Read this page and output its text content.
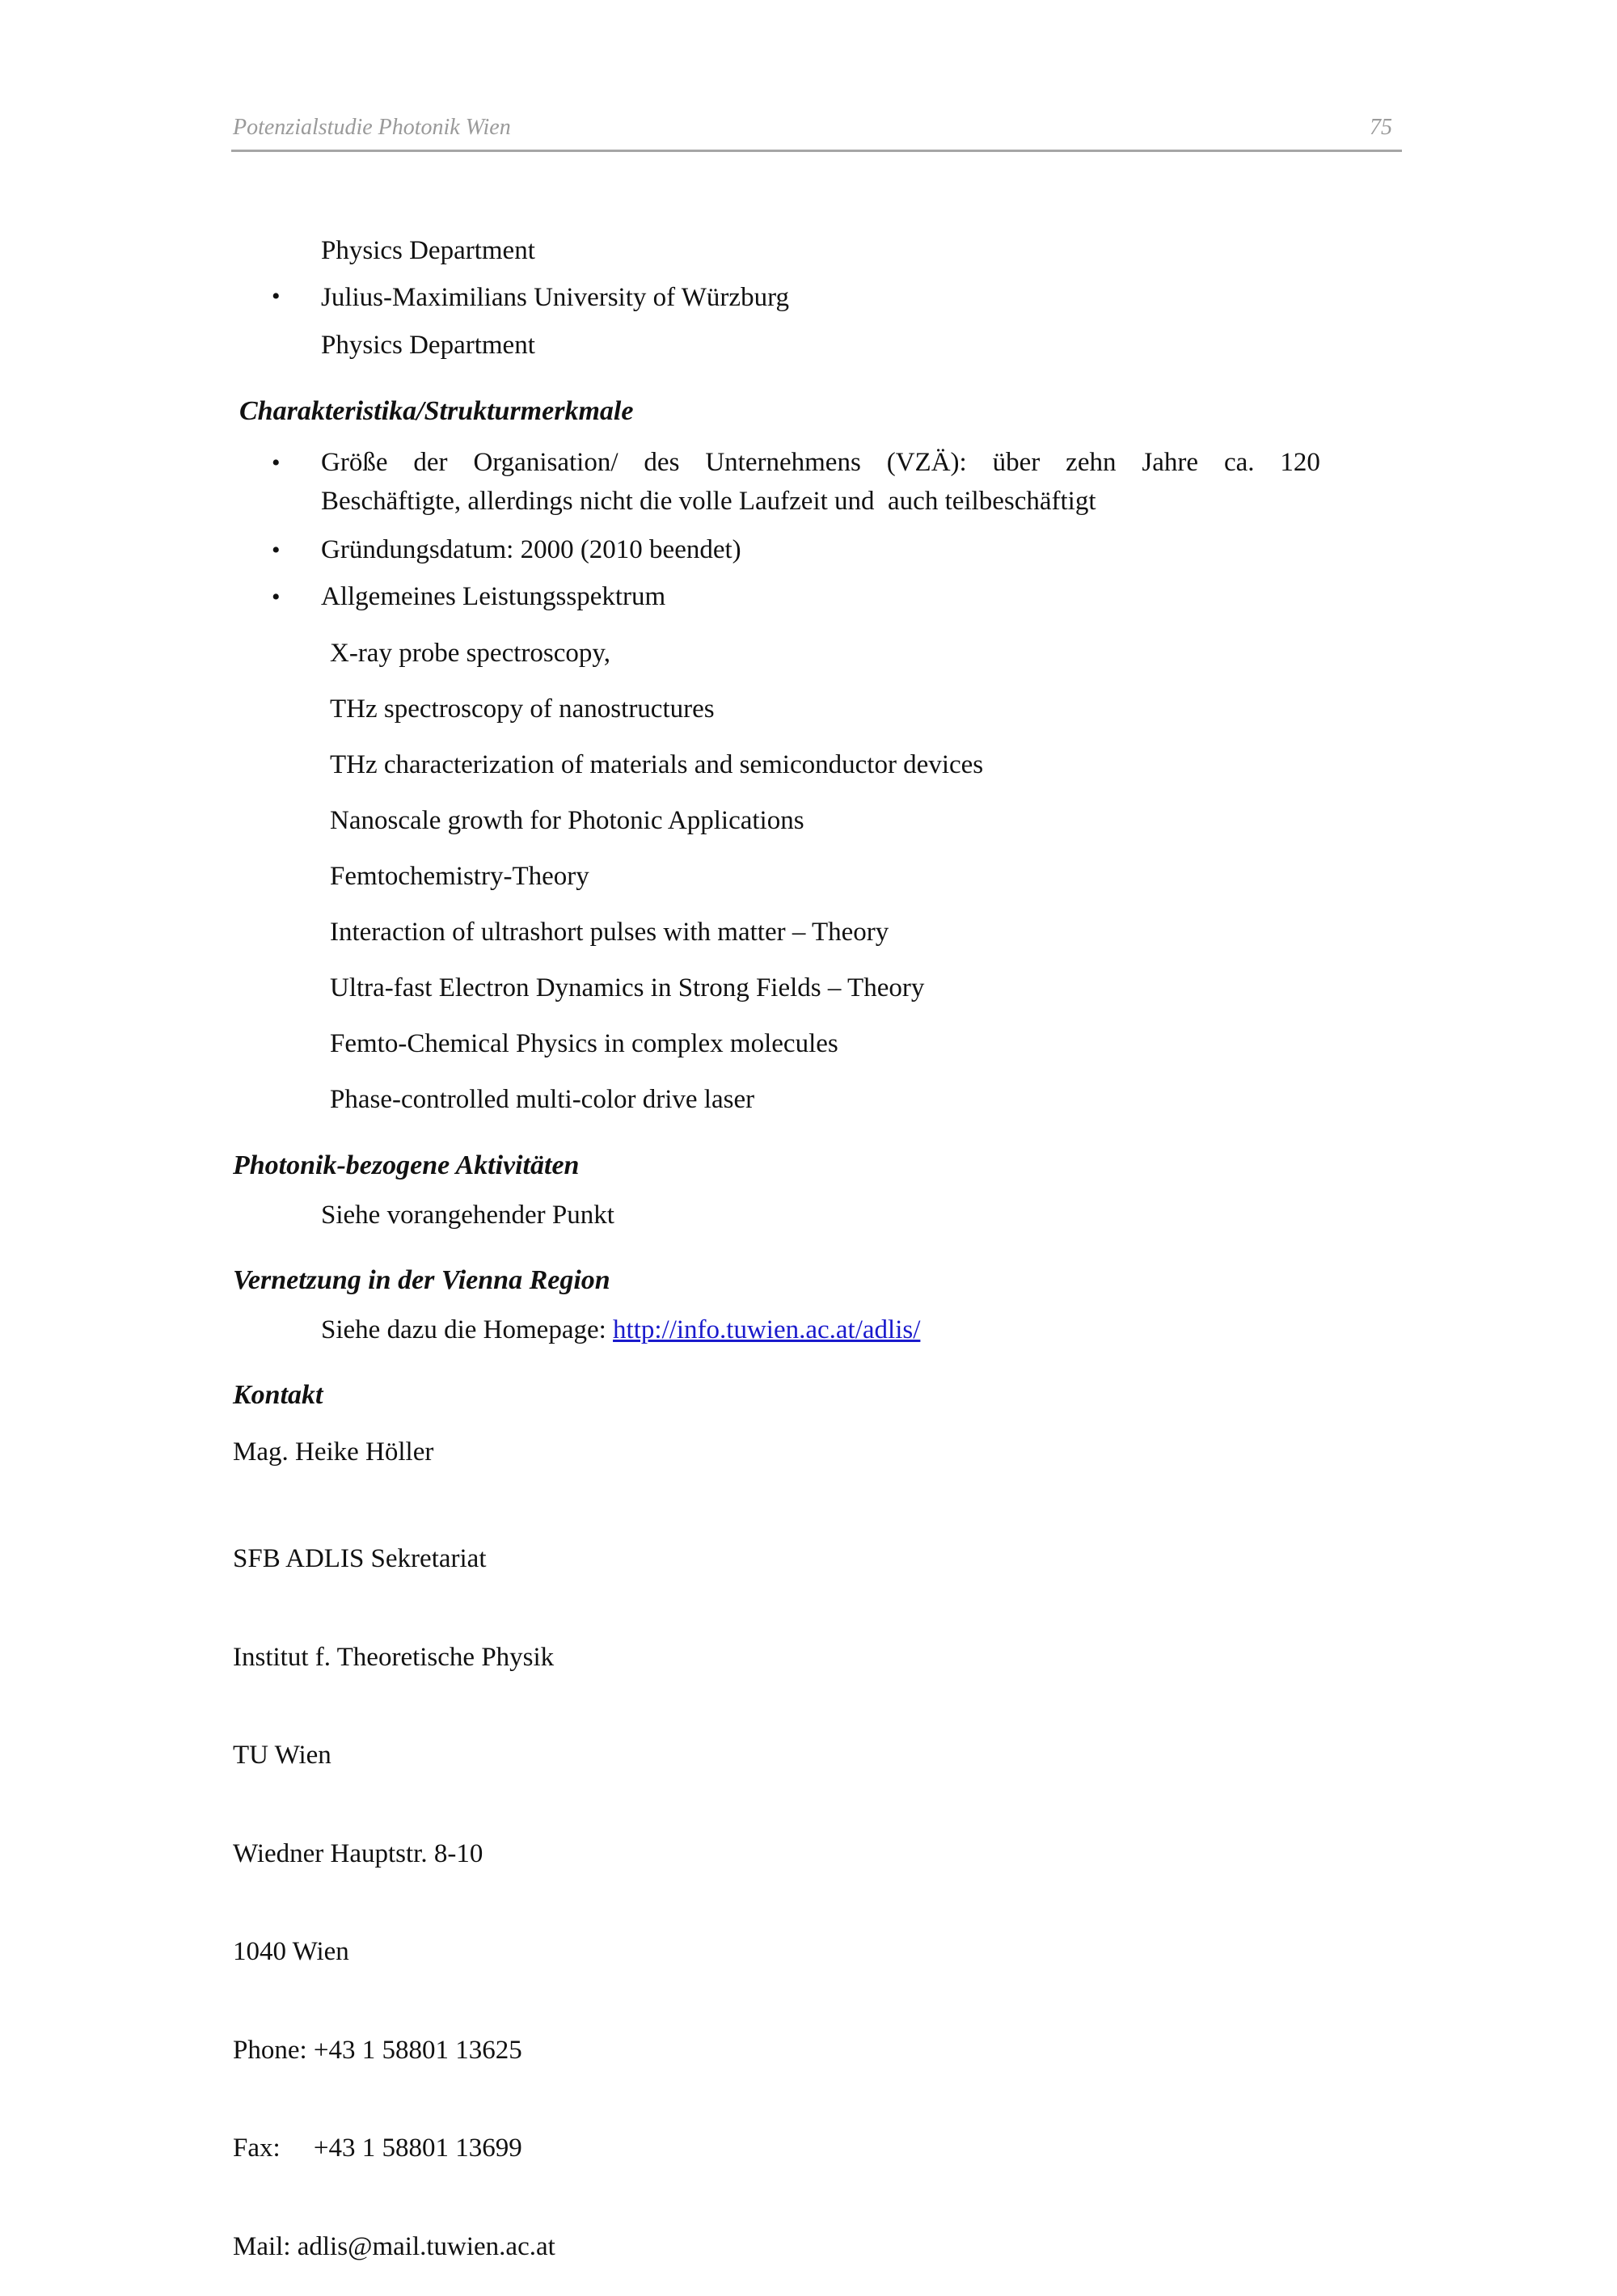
Potenzialstudie Photonik Wien	75
Physics Department
• Julius-Maximilians University of Würzburg
Physics Department
Charakteristika/Strukturmerkmale
• Größe der Organisation/ des Unternehmens (VZÄ): über zehn Jahre ca. 120
Beschäftigte, allerdings nicht die volle Laufzeit und  auch teilbeschäftigt
• Gründungsdatum: 2000 (2010 beendet)
• Allgemeines Leistungsspektrum
X-ray probe spectroscopy,
THz spectroscopy of nanostructures
THz characterization of materials and semiconductor devices
Nanoscale growth for Photonic Applications
Femtochemistry-Theory
Interaction of ultrashort pulses with matter – Theory
Ultra-fast Electron Dynamics in Strong Fields – Theory
Femto-Chemical Physics in complex molecules
Phase-controlled multi-color drive laser
Photonik-bezogene Aktivitäten
Siehe vorangehender Punkt
Vernetzung in der Vienna Region
Siehe dazu die Homepage: http://info.tuwien.ac.at/adlis/
Kontakt
Mag. Heike Höller

SFB ADLIS Sekretariat

Institut f. Theoretische Physik

TU Wien

Wiedner Hauptstr. 8-10

1040 Wien

Phone: +43 1 58801 13625

Fax:     +43 1 58801 13699

Mail: adlis@mail.tuwien.ac.at
